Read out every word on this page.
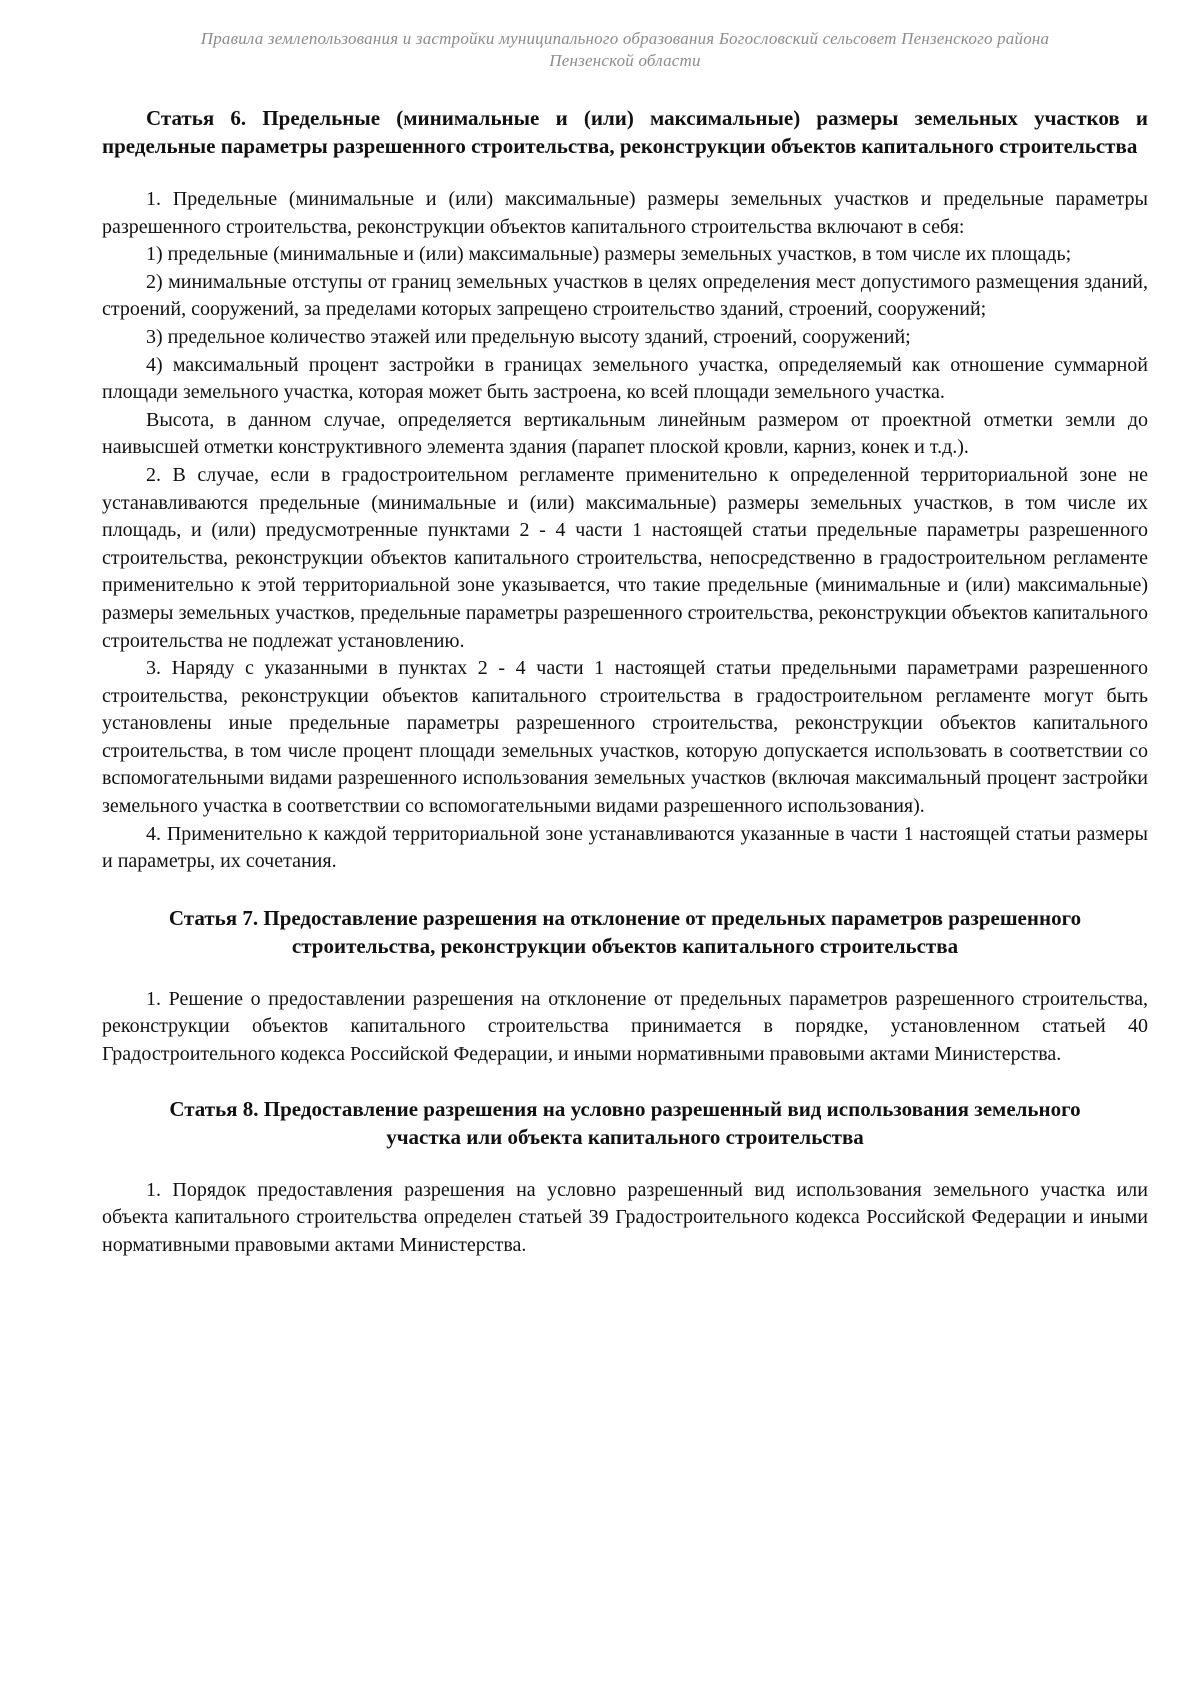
Правила землепользования и застройки муниципального образования Богословский сельсовет Пензенского района Пензенской области
Статья 6. Предельные (минимальные и (или) максимальные) размеры земельных участков и предельные параметры разрешенного строительства, реконструкции объектов капитального строительства

1. Предельные (минимальные и (или) максимальные) размеры земельных участков и предельные параметры разрешенного строительства, реконструкции объектов капитального строительства включают в себя:

1) предельные (минимальные и (или) максимальные) размеры земельных участков, в том числе их площадь;

2) минимальные отступы от границ земельных участков в целях определения мест допустимого размещения зданий, строений, сооружений, за пределами которых запрещено строительство зданий, строений, сооружений;

3) предельное количество этажей или предельную высоту зданий, строений, сооружений;

4) максимальный процент застройки в границах земельного участка, определяемый как отношение суммарной площади земельного участка, которая может быть застроена, ко всей площади земельного участка.

Высота, в данном случае, определяется вертикальным линейным размером от проектной отметки земли до наивысшей отметки конструктивного элемента здания (парапет плоской кровли, карниз, конек и т.д.).

2. В случае, если в градостроительном регламенте применительно к определенной территориальной зоне не устанавливаются предельные (минимальные и (или) максимальные) размеры земельных участков, в том числе их площадь, и (или) предусмотренные пунктами 2 - 4 части 1 настоящей статьи предельные параметры разрешенного строительства, реконструкции объектов капитального строительства, непосредственно в градостроительном регламенте применительно к этой территориальной зоне указывается, что такие предельные (минимальные и (или) максимальные) размеры земельных участков, предельные параметры разрешенного строительства, реконструкции объектов капитального строительства не подлежат установлению.

3. Наряду с указанными в пунктах 2 - 4 части 1 настоящей статьи предельными параметрами разрешенного строительства, реконструкции объектов капитального строительства в градостроительном регламенте могут быть установлены иные предельные параметры разрешенного строительства, реконструкции объектов капитального строительства, в том числе процент площади земельных участков, которую допускается использовать в соответствии со вспомогательными видами разрешенного использования земельных участков (включая максимальный процент застройки земельного участка в соответствии со вспомогательными видами разрешенного использования).

4. Применительно к каждой территориальной зоне устанавливаются указанные в части 1 настоящей статьи размеры и параметры, их сочетания.

Статья 7. Предоставление разрешения на отклонение от предельных параметров разрешенного строительства, реконструкции объектов капитального строительства

1. Решение о предоставлении разрешения на отклонение от предельных параметров разрешенного строительства, реконструкции объектов капитального строительства принимается в порядке, установленном статьей 40 Градостроительного кодекса Российской Федерации, и иными нормативными правовыми актами Министерства.

Статья 8. Предоставление разрешения на условно разрешенный вид использования земельного участка или объекта капитального строительства

1. Порядок предоставления разрешения на условно разрешенный вид использования земельного участка или объекта капитального строительства определен статьей 39 Градостроительного кодекса Российской Федерации и иными нормативными правовыми актами Министерства.
